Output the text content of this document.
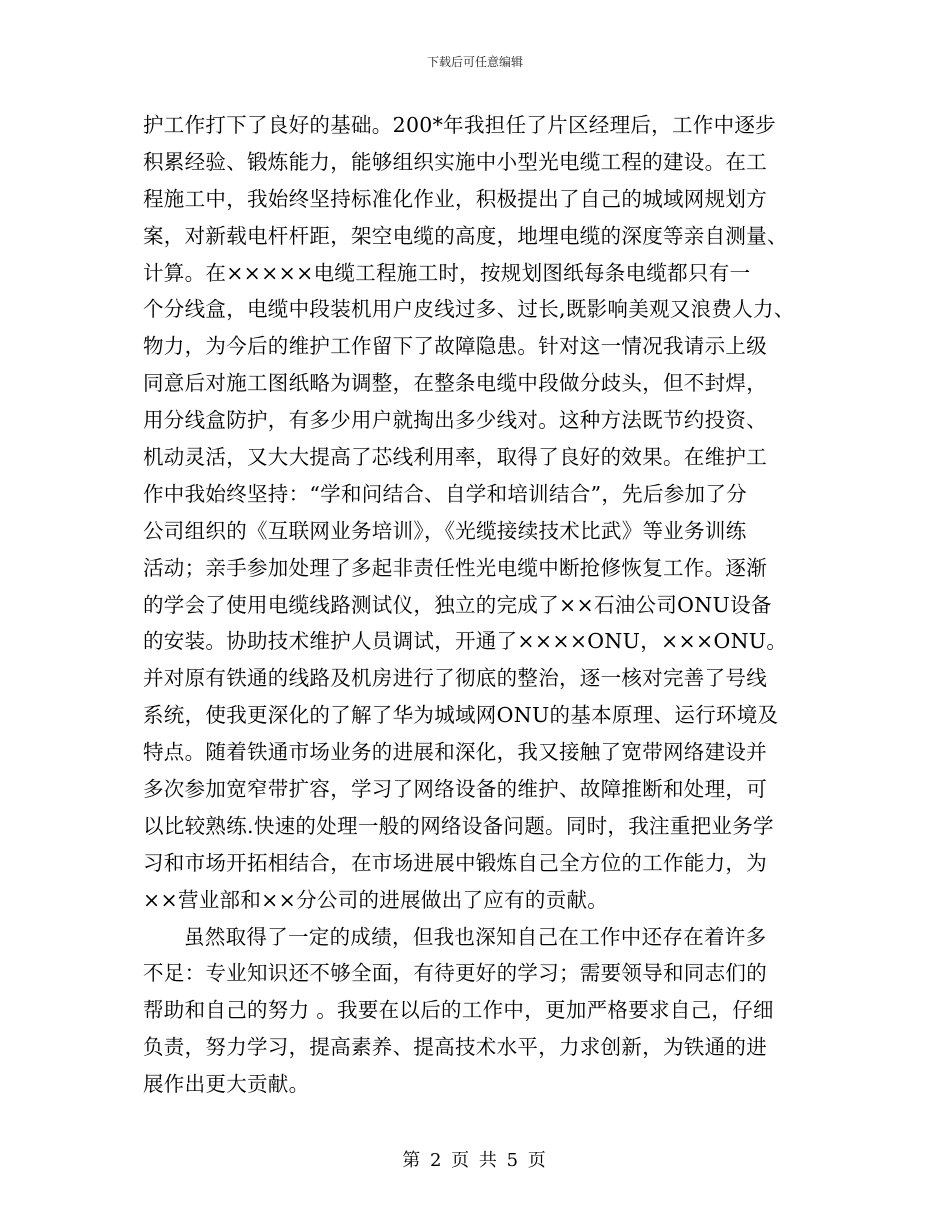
下载后可任意编辑
护工作打下了良好的基础。200*年我担任了片区经理后，工作中逐步
积累经验、锻炼能力，能够组织实施中小型光电缆工程的建设。在工
程施工中，我始终坚持标准化作业，积极提出了自己的城域网规划方
案，对新载电杆杆距，架空电缆的高度，地埋电缆的深度等亲自测量、
计算。在×××××电缆工程施工时，按规划图纸每条电缆都只有一
个分线盒，电缆中段装机用户皮线过多、过长,既影响美观又浪费人力、
物力，为今后的维护工作留下了故障隐患。针对这一情况我请示上级
同意后对施工图纸略为调整，在整条电缆中段做分歧头，但不封焊，
用分线盒防护，有多少用户就掏出多少线对。这种方法既节约投资、
机动灵活，又大大提高了芯线利用率，取得了良好的效果。在维护工
作中我始终坚持：“学和问结合、自学和培训结合”，先后参加了分
公司组织的《互联网业务培训》，《光缆接续技术比武》等业务训练
活动；亲手参加处理了多起非责任性光电缆中断抢修恢复工作。逐渐
的学会了使用电缆线路测试仪，独立的完成了××石油公司ONU设备
的安装。协助技术维护人员调试，开通了××××ONU，×××ONU。
并对原有铁通的线路及机房进行了彻底的整治，逐一核对完善了号线
系统，使我更深化的了解了华为城域网ONU的基本原理、运行环境及
特点。随着铁通市场业务的进展和深化，我又接触了宽带网络建设并
多次参加宽窄带扩容，学习了网络设备的维护、故障推断和处理，可
以比较熟练.快速的处理一般的网络设备问题。同时，我注重把业务学
习和市场开拓相结合，在市场进展中锻炼自己全方位的工作能力，为
××营业部和××分公司的进展做出了应有的贡献。
虽然取得了一定的成绩，但我也深知自己在工作中还存在着许多
不足：专业知识还不够全面，有待更好的学习；需要领导和同志们的
帮助和自己的努力 。我要在以后的工作中，更加严格要求自己，仔细
负责，努力学习，提高素养、提高技术水平，力求创新，为铁通的进
展作出更大贡献。
第 2 页 共 5 页
